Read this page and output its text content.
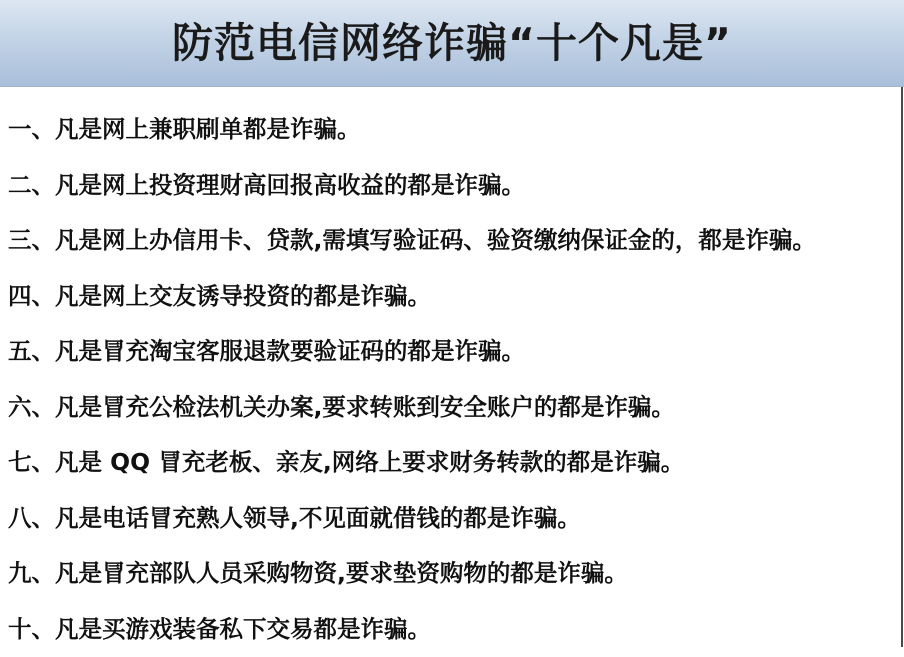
防范电信网络诈骗“十个凡是”
一、凡是网上兼职刷单都是诈骗。
二、凡是网上投资理财高回报高收益的都是诈骗。
三、凡是网上办信用卡、贷款,需填写验证码、验资缴纳保证金的，都是诈骗。
四、凡是网上交友诱导投资的都是诈骗。
五、凡是冒充淘宝客服退款要验证码的都是诈骗。
六、凡是冒充公检法机关办案,要求转账到安全账户的都是诈骗。
七、凡是 QQ 冒充老板、亲友,网络上要求财务转款的都是诈骗。
八、凡是电话冒充熟人领导,不见面就借钱的都是诈骗。
九、凡是冒充部队人员采购物资,要求垫资购物的都是诈骗。
十、凡是买游戏装备私下交易都是诈骗。
